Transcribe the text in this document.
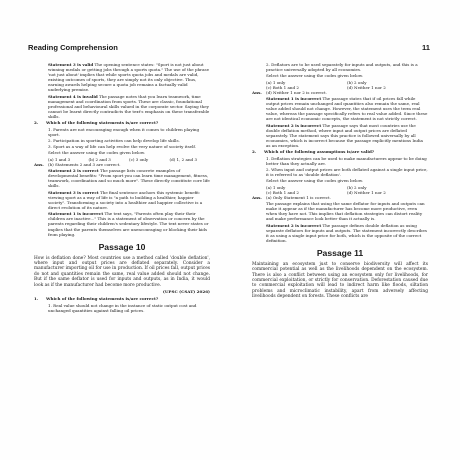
Reading Comprehension	11
Statement 3 is valid The opening sentence states: "Sport is not just about winning medals or getting jobs through a sports quota." The use of the phrase 'not just about' implies that while sports quota jobs and medals are valid, existing outcomes of sports, they are simply not its only objective. Thus, earning awards helping secure a quota job remains a factually valid underlying premise.
Statement 4 is invalid The passage notes that you learn teamwork, time management and coordination from sports. These are classic, foundational professional and behavioural skills valued in the corporate sector. Saying they cannot be learnt directly contradicts the text's emphasis on these transferable skills.
2.	Which of the following statements is/are correct?
1. Parents are not encouraging enough when it comes to children playing sport.
2. Participation in sporting activities can help develop life skills.
3. Sport as a way of life can help evolve the very nature of society itself.
Select the answer using the codes given below.
(a) 1 and 3	(b) 2 and 3	(c) 3 only	(d) 1, 2 and 3
Ans.	(b) Statements 2 and 3 are correct.
Statement 2 is correct The passage lists concrete examples of developmental benefits: "From sport you can learn time management, fitness, teamwork, coordination and so much more". These directly constitute core life skills.
Statement 3 is correct The final sentence anchors this systemic benefit: viewing sport as a way of life is "a path to building a healthier, happier society". Transforming a society into a healthier and happier collective is a direct evolution of its nature.
Statement 1 is incorrect The text says, "Parents often play their their children are inactive..." This is a statement of observation or concern by the parents regarding their children's sedentary lifestyle. The text never states or implies that the parents themselves are unencouraging or blocking their kids from playing.
Passage 10
How is deflation done? Most countries use a method called 'double deflation', where input and output prices are deflated separately. Consider a manufacturer importing oil for use in production. If oil prices fall, output prices do not and quantities remain the same, real value added should not change. But if the same deflator is used for inputs and outputs, as in India, it would look as if the manufacturer had become more productive.
(UPSC (CSAT) 2026)
1.	Which of the following statements is/are correct?
1. Real value should not change in the instance of static output cost and unchanged quantities against falling oil prices.
2. Deflators are to be used separately for inputs and outputs, and this is a practice universally adopted by all economies.
Select the answer using the codes given below.
(a) 1 only	(b) 2 only
(c) Both 1 and 2	(d) Neither 1 nor 2
Ans.	(d) Neither 1 nor 2 is correct.
Statement 1 is incorrect The passage states that if oil prices fall while output prices remain unchanged and quantities also remain the same, real value added should not change. However, the statement uses the term real value, whereas the passage specifically refers to real value added. Since these are not identical economic concepts, the statement is not strictly correct.
Statement 2 is incorrect The passage says that most countries use the double deflation method, where input and output prices are deflated separately. The statement says this practice is followed universally by all economies, which is incorrect because the passage explicitly mentions India as an exception.
2.	Which of the following assumptions is/are valid?
1. Deflation strategies can be used to make manufacturers appear to be doing better than they actually are.
2. When input and output prices are both deflated against a single input price, it is referred to as 'double deflation'.
Select the answer using the codes given below.
(a) 1 only	(b) 2 only
(c) Both 1 and 2	(d) Neither 1 nor 2
Ans.	(a) Only Statement 1 is correct.
The passage explains that using the same deflator for inputs and outputs can make it appear as if the manufacturer has become more productive, even when they have not. This implies that deflation strategies can distort reality and make performance look better than it actually is.
Statement 2 is incorrect The passage defines double deflation as using separate deflators for inputs and outputs. The statement incorrectly describes it as using a single input price for both, which is the opposite of the correct definition.
Passage 11
Maintaining an ecosystem just to conserve biodiversity will affect its commercial potential as well as the livelihoods dependent on the ecosystem. There is also a conflict between using an ecosystem only for livelihoods, for commercial exploitation, or strictly for conservation. Deforestation caused due to commercial exploitation will lead to indirect harm like floods, siltation problems and microclimatic instability, apart from adversely affecting livelihoods dependent on forests. These conflicts are
